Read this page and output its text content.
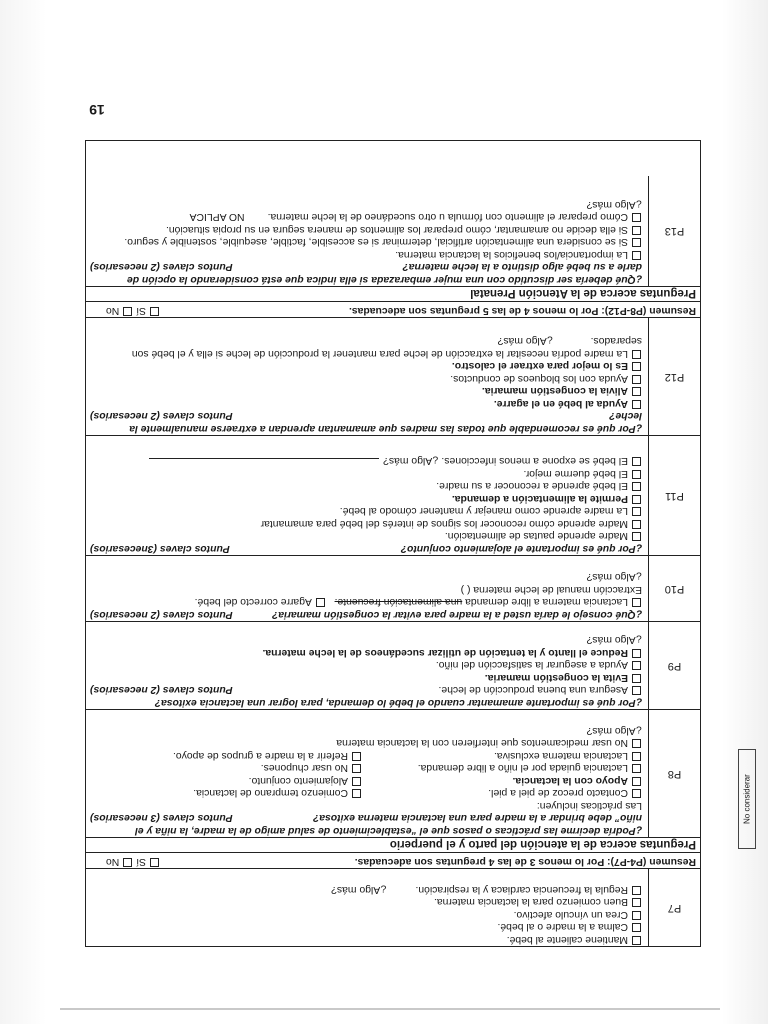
19
No considerar
P7
Mantiene caliente al bebé.
Calma a la madre o al bebé.
Crea un vínculo afectivo.
Buen comienzo para la lactancia materna.
Regula la frecuencia cardiaca y la respiración.          ¿Algo más?
Resumen (P4-P7): Por lo menos 3 de las 4 preguntas son adecuadas.
Sí No
Preguntas acerca de la atención del parto y el puerperio
P8
¿Podría decirme las prácticas o pasos que el “establecimiento de salud amigo de la madre, la niña y el
niño” debe brindar a la madre para una lactancia materna exitosa?
Puntos claves (3 necesarios)
Las prácticas incluyen:
Contacto precoz de piel a piel.Comienzo temprano de lactancia.
Apoyo con la lactancia.Alojamiento conjunto.
Lactancia guiada por el niño a libre demanda.No usar chupones.
Lactancia materna exclusiva.Referir a la madre a grupos de apoyo.
No usar medicamentos que interfieren con la lactancia materna
¿Algo más?
P9
¿Por qué es importante amamantar cuando el bebé lo demanda, para lograr una lactancia exitosa?
Asegura una buena producción de leche.
Puntos claves (2 necesarios)
Evita la congestión mamaria.
Ayuda a asegurar la satisfacción del niño.
Reduce el llanto y la tentación de utilizar sucedáneos de la leche materna.
¿Algo más?
P10
¿Qué consejo le daría usted a la madre para evitar la congestión mamaria?
Puntos claves (2 necesarios)
Lactancia materna a libre demanda una alimentación frecuente.   Agarre correcto del bebé.
Extracción manual de leche materna ( )
¿Algo más?
P11
¿Por qué es importante el alojamiento conjunto?
Puntos claves (3necesarios)
Madre aprende pautas de alimentación.
Madre aprende cómo reconocer los signos de interés del bebé para amamantar
La madre aprende como manejar y mantener cómodo al bebé.
Permite la alimentación a demanda.
El bebé aprende a reconocer a su madre.
El bebé duerme mejor.
El bebé se expone a menos infecciones. ¿Algo más?
P12
¿Por qué es recomendable que todas las madres que amamantan aprendan a extraerse manualmente la
leche?
Puntos claves (2 necesarios)
Ayuda al bebé en el agarre.
Alivia la congestión mamaria.
Ayuda con los bloqueos de conductos.
Es lo mejor para extraer el calostro.
La madre podría necesitar la extracción de leche para mantener la producción de leche si ella y el bebé son
separados.             ¿Algo más?
Resumen (P8-P12): Por lo menos 4 de las 5 preguntas son adecuadas.
Sí No
Preguntas acerca de la Atención Prenatal
P13
¿Qué debería ser discutido con una mujer embarazada si ella indica que está considerando la opción de
darle a su bebé algo distinto a la leche materna?
Puntos claves (2 necesarios)
La importancia/los beneficios la lactancia materna.
Si se considera una alimentación artificial, determinar si es accesible, factible, asequible, sostenible y seguro.
Si ella decide no amamantar, cómo preparar los alimentos de manera segura en su propia situación.
Cómo preparar el alimento con fórmula u otro sucedáneo de la leche materna.        NO APLICA
¿Algo más?
